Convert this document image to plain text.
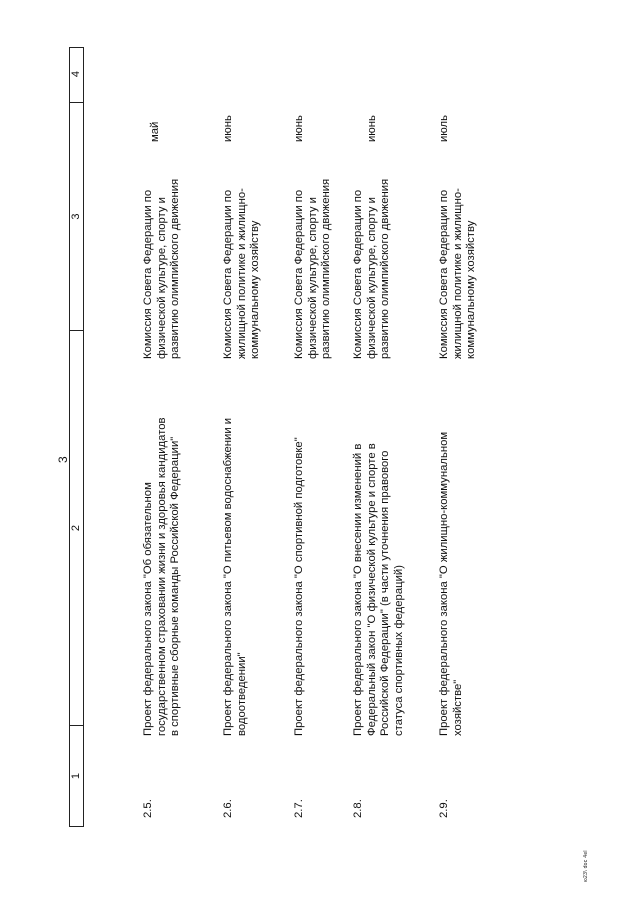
3
1
2
3
4
2.5.
Проект федерального закона "Об обязательном государственном страховании жизни и здоровья кандидатов в спортивные сборные команды Российской Федерации"
Комиссия Совета Федерации по физической культуре, спорту и развитию олимпийского движения
май
2.6.
Проект федерального закона "О питьевом водоснабжении и водоотведении"
Комиссия Совета Федерации по жилищной политике и жилищно-коммунальному хозяйству
июнь
2.7.
Проект федерального закона "О спортивной подготовке"
Комиссия Совета Федерации по физической культуре, спорту и развитию олимпийского движения
июнь
2.8.
Проект федерального закона "О внесении изменений в Федеральный закон "О физической культуре и спорте в Российской Федерации" (в части уточнения правового статуса спортивных федераций)
Комиссия Совета Федерации по физической культуре, спорту и развитию олимпийского движения
июнь
2.9.
Проект федерального закона "О жилищно-коммунальном хозяйстве"
Комиссия Совета Федерации по жилищной политике и жилищно-коммунальному хозяйству
июль
ю23\ doc 4el
